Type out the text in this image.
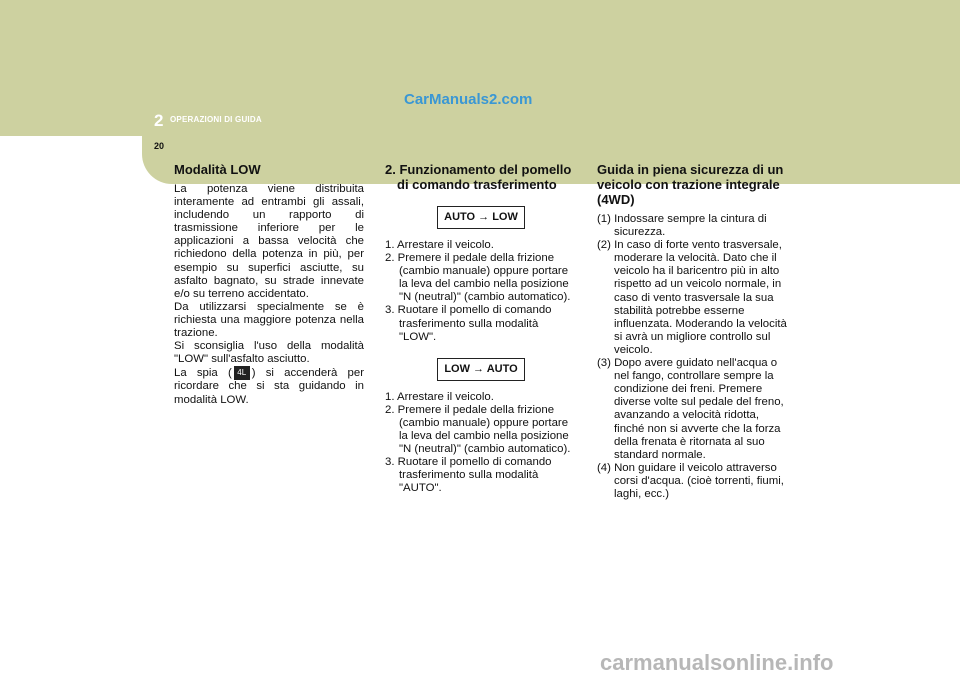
2 OPERAZIONI DI GUIDA
CarManuals2.com
20
Modalità LOW

La potenza viene distribuita interamente ad entrambi gli assali, includendo un rapporto di trasmissione inferiore per le applicazioni a bassa velocità che richiedono della potenza in più, per esempio su superfici asciutte, su asfalto bagnato, su strade innevate e/o su terreno accidentato.

Da utilizzarsi specialmente se è richiesta una maggiore potenza nella trazione.

Si sconsiglia l'uso della modalità "LOW" sull'asfalto asciutto.

La spia ( 4L ) si accenderà per ricordare che si sta guidando in modalità LOW.

2. Funzionamento del pomello di comando trasferimento
AUTO → LOW
1. Arrestare il veicolo.
2. Premere il pedale della frizione (cambio manuale) oppure portare la leva del cambio nella posizione "N (neutral)" (cambio automatico).
3. Ruotare il pomello di comando trasferimento sulla modalità "LOW".
LOW → AUTO
1. Arrestare il veicolo.
2. Premere il pedale della frizione (cambio manuale) oppure portare la leva del cambio nella posizione "N (neutral)" (cambio automatico).
3. Ruotare il pomello di comando trasferimento sulla modalità "AUTO".
Guida in piena sicurezza di un veicolo con trazione integrale (4WD)
(1) Indossare sempre la cintura di sicurezza.
(2) In caso di forte vento trasversale, moderare la velocità. Dato che il veicolo ha il baricentro più in alto rispetto ad un veicolo normale, in caso di vento trasversale la sua stabilità potrebbe esserne influenzata. Moderando la velocità si avrà un migliore controllo sul veicolo.
(3) Dopo avere guidato nell'acqua o nel fango, controllare sempre la condizione dei freni. Premere diverse volte sul pedale del freno, avanzando a velocità ridotta, finché non si avverte che la forza della frenata è ritornata al suo standard normale.
(4) Non guidare il veicolo attraverso corsi d'acqua. (cioè torrenti, fiumi, laghi, ecc.)
carmanualsonline.info
